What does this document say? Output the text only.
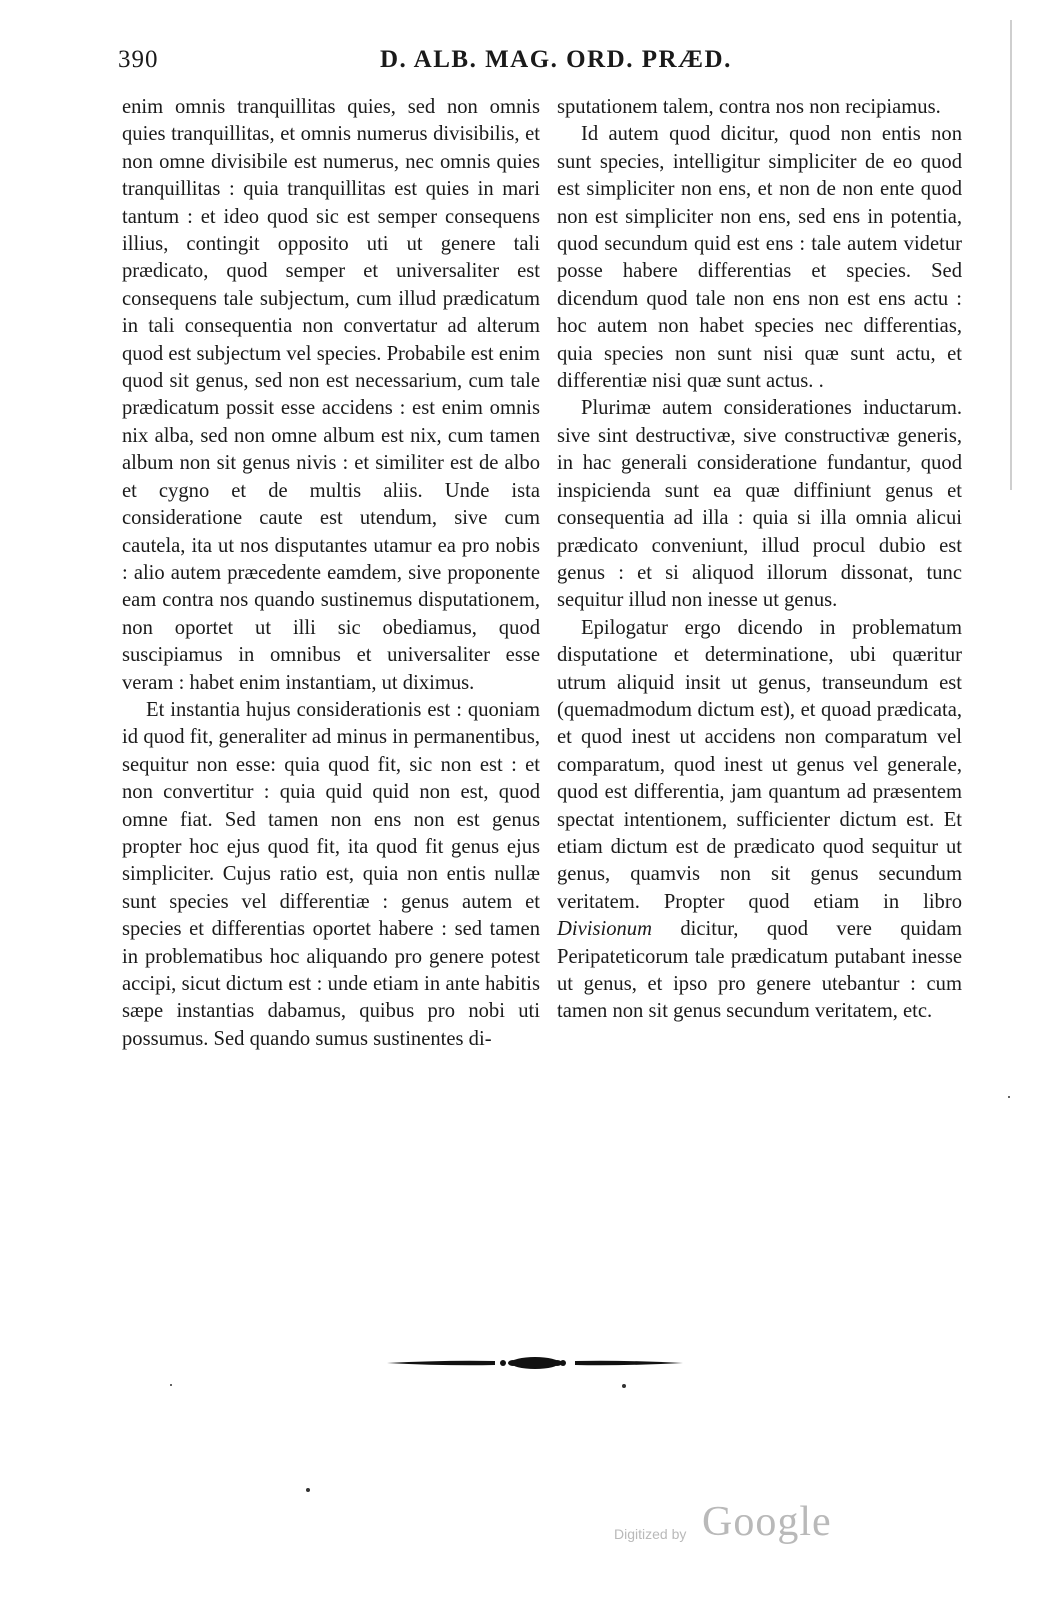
390	D. ALB. MAG. ORD. PRÆD.

enim omnis tranquillitas quies, sed non omnis quies tranquillitas, et omnis numerus divisibilis, et non omne divisibile est numerus, nec omnis quies tranquillitas : quia tranquillitas est quies in mari tantum : et ideo quod sic est semper consequens illius, contingit opposito uti ut genere tali prædicato, quod semper et universaliter est consequens tale subjectum, cum illud prædicatum in tali consequentia non convertatur ad alterum quod est subjectum vel species. Probabile est enim quod sit genus, sed non est necessarium, cum tale prædicatum possit esse accidens : est enim omnis nix alba, sed non omne album est nix, cum tamen album non sit genus nivis : et similiter est de albo et cygno et de multis aliis. Unde ista consideratione caute est utendum, sive cum cautela, ita ut nos disputantes utamur ea pro nobis : alio autem præcedente eamdem, sive proponente eam contra nos quando sustinemus disputationem, non oportet ut illi sic obediamus, quod suscipiamus in omnibus et universaliter esse veram : habet enim instantiam, ut diximus.

Et instantia hujus considerationis est : quoniam id quod fit, generaliter ad minus in permanentibus, sequitur non esse: quia quod fit, sic non est : et non convertitur : quia quid quid non est, quod omne fiat. Sed tamen non ens non est genus propter hoc ejus quod fit, ita quod fit genus ejus simpliciter. Cujus ratio est, quia non entis nullæ sunt species vel differentiæ : genus autem et species et differentias oportet habere : sed tamen in problematibus hoc aliquando pro genere potest accipi, sicut dictum est : unde etiam in ante habitis sæpe instantias dabamus, quibus pro nobi uti possumus. Sed quando sumus sustinentes di-

sputationem talem, contra nos non recipiamus.

Id autem quod dicitur, quod non entis non sunt species, intelligitur simpliciter de eo quod est simpliciter non ens, et non de non ente quod non est simpliciter non ens, sed ens in potentia, quod secundum quid est ens : tale autem videtur posse habere differentias et species. Sed dicendum quod tale non ens non est ens actu : hoc autem non habet species nec differentias, quia species non sunt nisi quæ sunt actu, et differentiæ nisi quæ sunt actus. .

Plurimæ autem considerationes inductarum. sive sint destructivæ, sive constructivæ generis, in hac generali consideratione fundantur, quod inspicienda sunt ea quæ diffiniunt genus et consequentia ad illa : quia si illa omnia alicui prædicato conveniunt, illud procul dubio est genus : et si aliquod illorum dissonat, tunc sequitur illud non inesse ut genus.

Epilogatur ergo dicendo in problematum disputatione et determinatione, ubi quæritur utrum aliquid insit ut genus, transeundum est (quemadmodum dictum est), et quoad prædicata, et quod inest ut accidens non comparatum vel comparatum, quod inest ut genus vel generale, quod est differentia, jam quantum ad præsentem spectat intentionem, sufficienter dictum est. Et etiam dictum est de prædicato quod sequitur ut genus, quamvis non sit genus secundum veritatem. Propter quod etiam in libro Divisionum dicitur, quod vere quidam Peripateticorum tale prædicatum putabant inesse ut genus, et ipso pro genere utebantur : cum tamen non sit genus secundum veritatem, etc.

Digitized by Google
